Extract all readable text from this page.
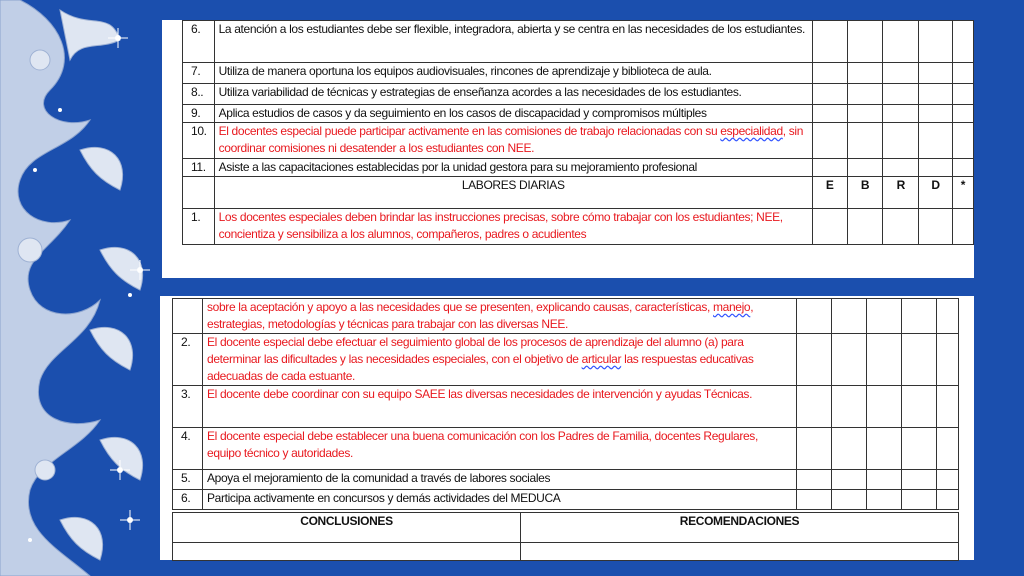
6.	La atención a los estudiantes debe ser flexible, integradora, abierta y se centra en las necesidades de los estudiantes.					
7.	Utiliza de manera oportuna los equipos audiovisuales, rincones de aprendizaje y biblioteca de aula.					
8..	Utiliza variabilidad de técnicas y estrategias de enseñanza acordes a las necesidades de los estudiantes.					
9.	Aplica estudios de casos y da seguimiento en los casos de discapacidad y compromisos múltiples					
10.	El docentes especial puede participar activamente en las comisiones de trabajo relacionadas con su especialidad, sin coordinar comisiones ni desatender a los estudiantes con NEE.					
11.	Asiste a las capacitaciones establecidas por la unidad gestora para su mejoramiento profesional					
	LABORES DIARIAS	E	B	R	D	*
1.	Los docentes especiales deben brindar las instrucciones precisas, sobre cómo trabajar con los estudiantes; NEE, concientiza y sensibiliza a los alumnos, compañeros, padres o acudientes					
	sobre la aceptación y apoyo a las necesidades que se presenten, explicando causas, características, manejo, estrategias, metodologías y técnicas para trabajar con las diversas NEE.					
2.	El docente especial debe efectuar el seguimiento global de los procesos de aprendizaje del alumno (a) para determinar las dificultades y las necesidades especiales, con el objetivo de articular las respuestas educativas adecuadas de cada estuante.					
3.	El docente debe coordinar con su equipo SAEE las diversas necesidades de intervención y ayudas Técnicas.					
4.	El docente especial debe establecer una buena comunicación con los Padres de Familia, docentes Regulares, equipo técnico y autoridades.					
5.	Apoya el mejoramiento de la comunidad a través de labores sociales					
6.	Participa activamente en concursos y demás actividades del MEDUCA					
CONCLUSIONES	RECOMENDACIONES
